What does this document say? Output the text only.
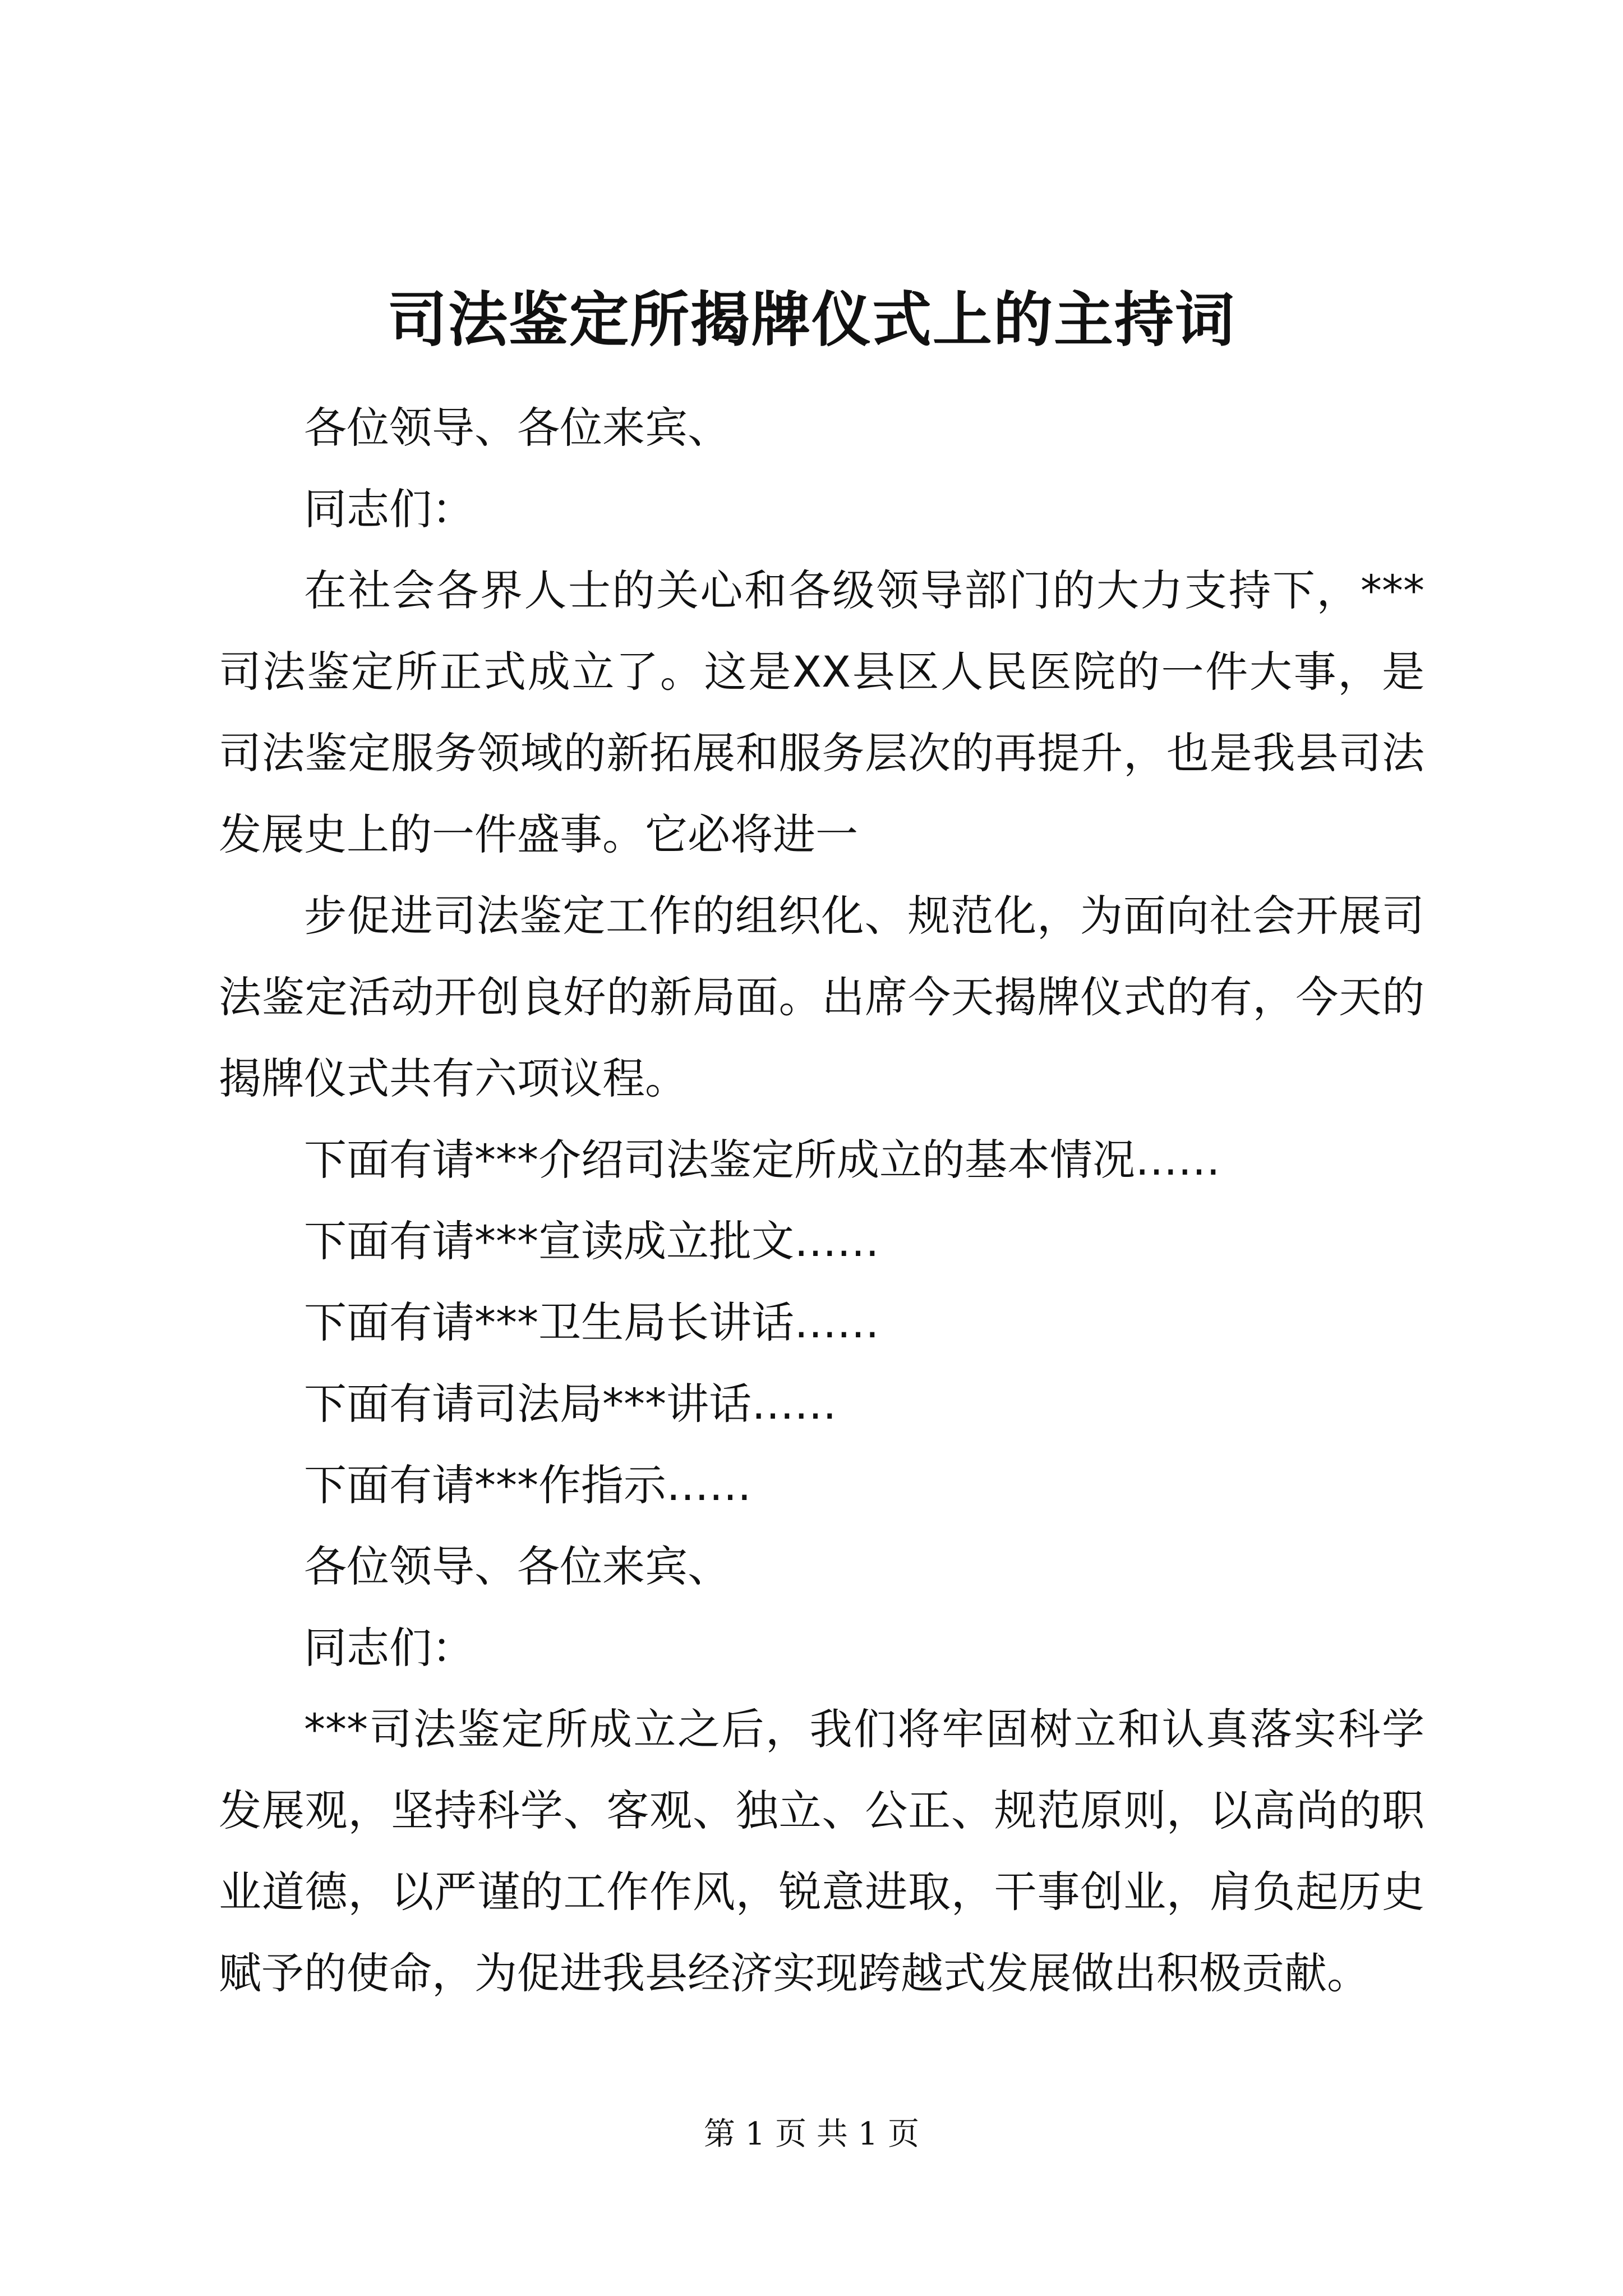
司法鉴定所揭牌仪式上的主持词

各位领导、各位来宾、

同志们：

在社会各界人士的关心和各级领导部门的大力支持下，***司法鉴定所正式成立了。这是XX县区人民医院的一件大事，是司法鉴定服务领域的新拓展和服务层次的再提升，也是我县司法发展史上的一件盛事。它必将进一

步促进司法鉴定工作的组织化、规范化，为面向社会开展司法鉴定活动开创良好的新局面。出席今天揭牌仪式的有，今天的揭牌仪式共有六项议程。

下面有请***介绍司法鉴定所成立的基本情况……

下面有请***宣读成立批文……

下面有请***卫生局长讲话……

下面有请司法局***讲话……

下面有请***作指示……

各位领导、各位来宾、

同志们：

***司法鉴定所成立之后，我们将牢固树立和认真落实科学发展观，坚持科学、客观、独立、公正、规范原则，以高尚的职业道德，以严谨的工作作风，锐意进取，干事创业，肩负起历史赋予的使命，为促进我县经济实现跨越式发展做出积极贡献。

第 1 页 共 1 页
